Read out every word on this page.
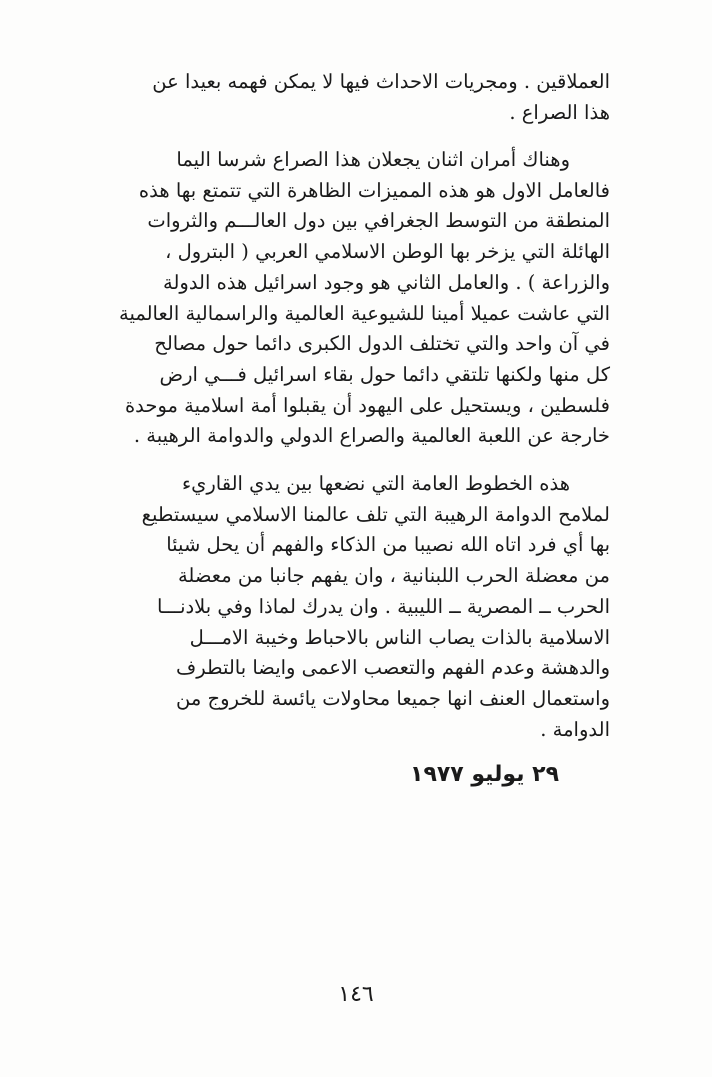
العملاقين . ومجريات الاحداث فيها لا يمكن فهمه بعيدا عن
هذا الصراع .
وهناك أمران اثنان يجعلان هذا الصراع شرسا اليما
فالعامل الاول هو هذه المميزات الظاهرة التي تتمتع بها هذه
المنطقة من التوسط الجغرافي بين دول العالـــم والثروات
الهائلة التي يزخر بها الوطن الاسلامي العربي ( البترول ،
والزراعة ) . والعامل الثاني هو وجود اسرائيل هذه الدولة
التي عاشت عميلا أمينا للشيوعية العالمية والراسمالية العالمية
في آن واحد والتي تختلف الدول الكبرى دائما حول مصالح
كل منها ولكنها تلتقي دائما حول بقاء اسرائيل فـــي ارض
فلسطين ، ويستحيل على اليهود أن يقبلوا أمة اسلامية موحدة
خارجة عن اللعبة العالمية والصراع الدولي والدوامة الرهيبة .
هذه الخطوط العامة التي نضعها بين يدي القاريء
لملامح الدوامة الرهيبة التي تلف عالمنا الاسلامي سيستطيع
بها أي فرد اتاه الله نصيبا من الذكاء والفهم أن يحل شيئا
من معضلة الحرب اللبنانية ، وان يفهم جانبا من معضلة
الحرب ــ المصرية ــ الليبية . وان يدرك لماذا وفي بلادنـــا
الاسلامية بالذات يصاب الناس بالاحباط وخيبة الامـــل
والدهشة وعدم الفهم والتعصب الاعمى وايضا بالتطرف
واستعمال العنف انها جميعا محاولات يائسة للخروج من
الدوامة .
٢٩ يوليو ١٩٧٧
١٤٦
